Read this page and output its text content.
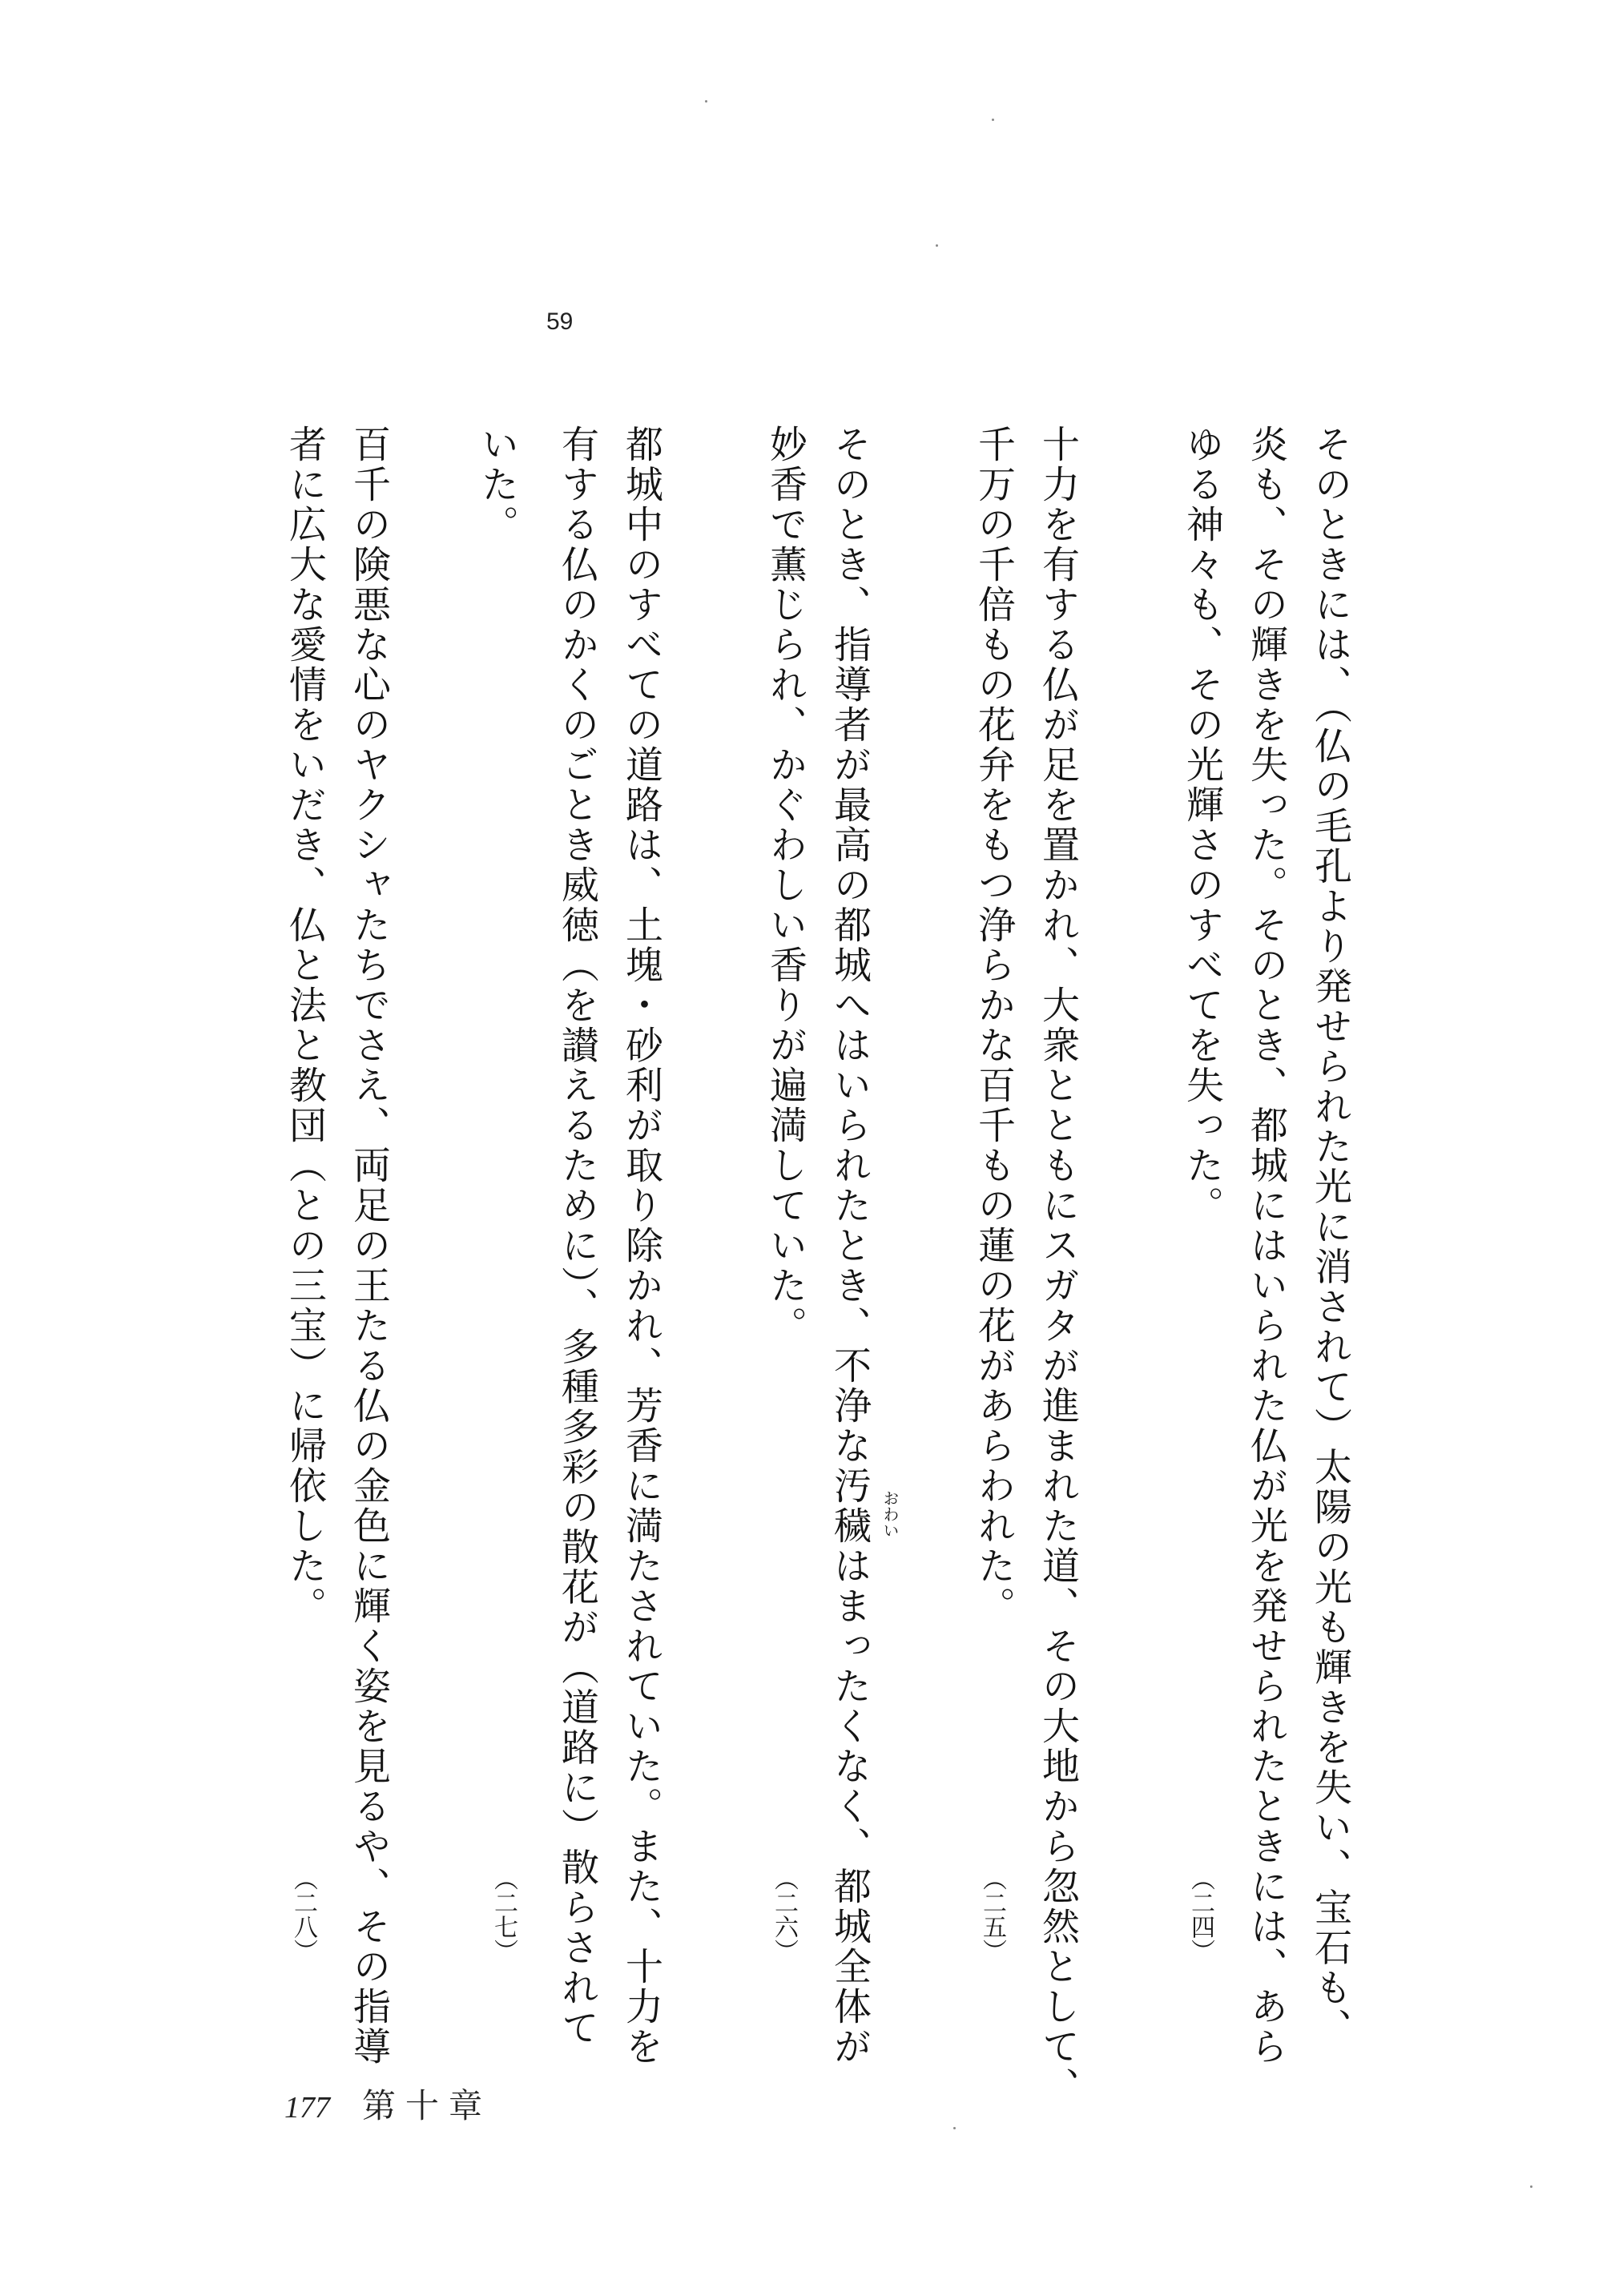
59
そのときには、（仏の毛孔より発せられた光に消されて）太陽の光も輝きを失い、宝石も、
炎も、その輝きを失った。そのとき、都城にはいられた仏が光を発せられたときには、あら
ゆる神々も、その光輝さのすべてを失った。
（二四）
十力を有する仏が足を置かれ、大衆とともにスガタが進まれた道、その大地から忽然として、
千万の千倍もの花弁をもつ浄らかな百千もの蓮の花があらわれた。
（二五）
そのとき、指導者が最高の都城へはいられたとき、不浄な汚穢はまったくなく、都城全体が
妙香で薫じられ、かぐわしい香りが遍満していた。
（二六）
おわい
都城中のすべての道路は、土塊・砂利が取り除かれ、芳香に満たされていた。また、十力を
有する仏のかくのごとき威徳（を讃えるために）、多種多彩の散花が（道路に）散らされて
いた。
（二七）
百千の険悪な心のヤクシャたちでさえ、両足の王たる仏の金色に輝く姿を見るや、その指導
者に広大な愛情をいだき、仏と法と教団（との三宝）に帰依した。
（二八）
177 第十章
